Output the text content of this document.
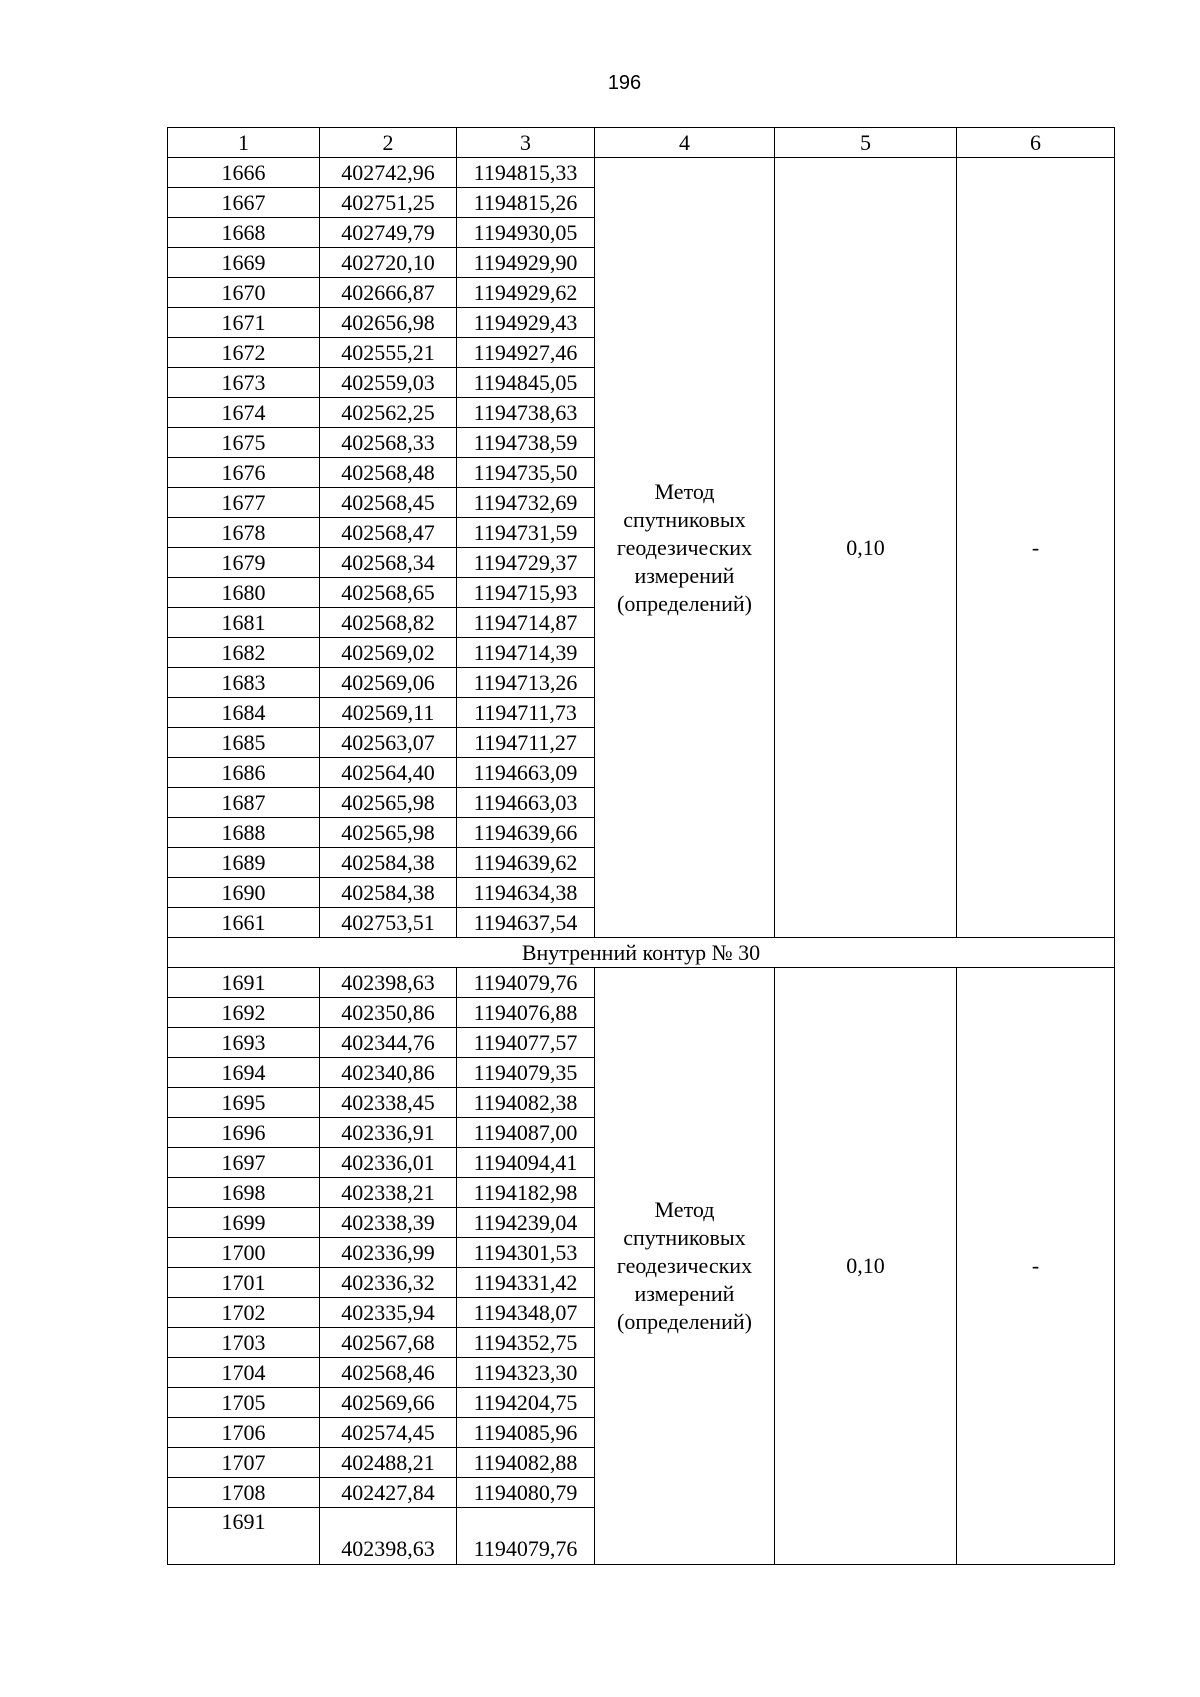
196
1	2	3	4	5	6
1666	402742,96	1194815,33	Метод
спутниковых
геодезических
измерений
(определений)	0,10	-
1667	402751,25	1194815,26			
1668	402749,79	1194930,05			
1669	402720,10	1194929,90			
1670	402666,87	1194929,62			
1671	402656,98	1194929,43			
1672	402555,21	1194927,46			
1673	402559,03	1194845,05			
1674	402562,25	1194738,63			
1675	402568,33	1194738,59			
1676	402568,48	1194735,50			
1677	402568,45	1194732,69			
1678	402568,47	1194731,59			
1679	402568,34	1194729,37			
1680	402568,65	1194715,93			
1681	402568,82	1194714,87			
1682	402569,02	1194714,39			
1683	402569,06	1194713,26			
1684	402569,11	1194711,73			
1685	402563,07	1194711,27			
1686	402564,40	1194663,09			
1687	402565,98	1194663,03			
1688	402565,98	1194639,66			
1689	402584,38	1194639,62			
1690	402584,38	1194634,38			
1661	402753,51	1194637,54			
Внутренний контур № 30					
1691	402398,63	1194079,76	Метод
спутниковых
геодезических
измерений
(определений)	0,10	-
1692	402350,86	1194076,88			
1693	402344,76	1194077,57			
1694	402340,86	1194079,35			
1695	402338,45	1194082,38			
1696	402336,91	1194087,00			
1697	402336,01	1194094,41			
1698	402338,21	1194182,98			
1699	402338,39	1194239,04			
1700	402336,99	1194301,53			
1701	402336,32	1194331,42			
1702	402335,94	1194348,07			
1703	402567,68	1194352,75			
1704	402568,46	1194323,30			
1705	402569,66	1194204,75			
1706	402574,45	1194085,96			
1707	402488,21	1194082,88			
1708	402427,84	1194080,79			
1691	402398,63	1194079,76			
